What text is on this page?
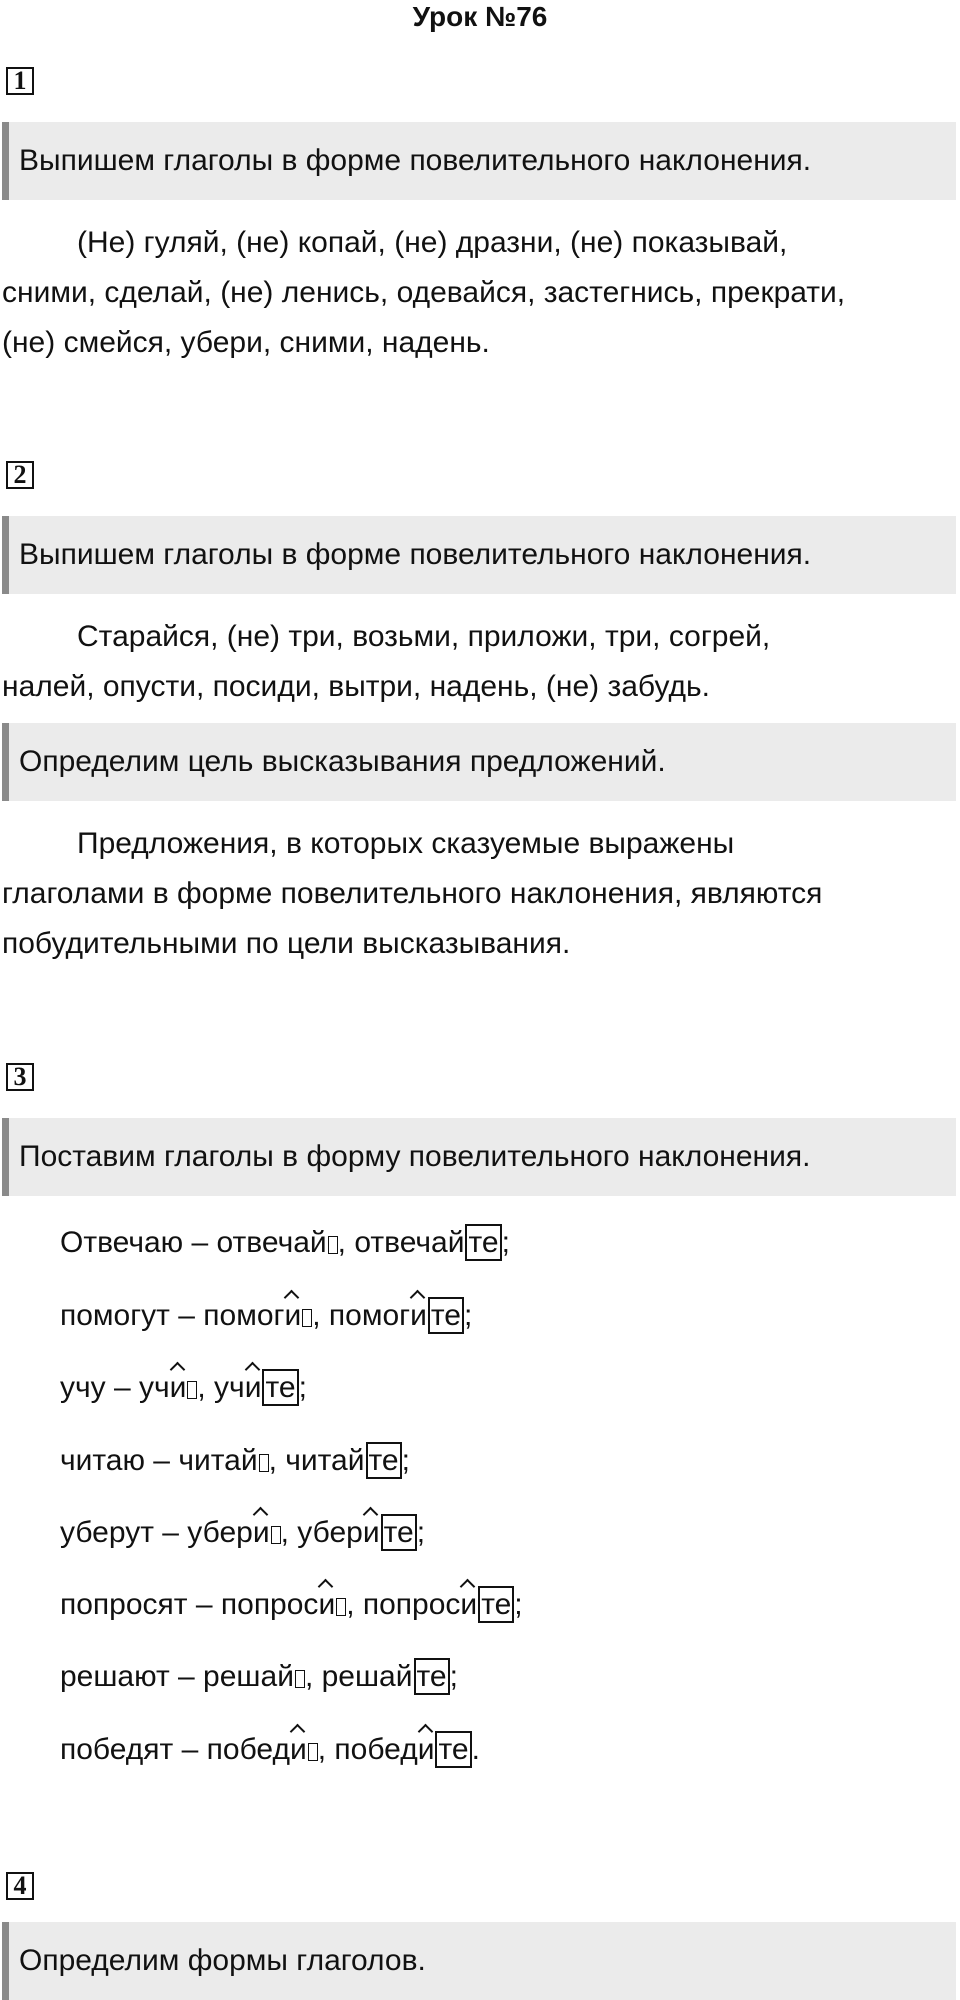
Урок №76
1
Выпишем глаголы в форме повелительного наклонения.
(Не) гуляй, (не) копай, (не) дразни, (не) показывай,
сними, сделай, (не) ленись, одевайся, застегнись, прекрати,
(не) смейся, убери, сними, надень.
2
Выпишем глаголы в форме повелительного наклонения.
Старайся, (не) три, возьми, приложи, три, согрей,
налей, опусти, посиди, вытри, надень, (не) забудь.
Определим цель высказывания предложений.
Предложения, в которых сказуемые выражены
глаголами в форме повелительного наклонения, являются
побудительными по цели высказывания.
3
Поставим глаголы в форму повелительного наклонения.
Отвечаю – отвечай , отвечай те ;
помогут – помоги , помоги те ;
учу – учи , учи те ;
читаю – читай , читай те ;
уберут – убери , убери те ;
попросят – попроси , попроси те ;
решают – решай , решай те ;
победят – победи , победи те .
4
Определим формы глаголов.
